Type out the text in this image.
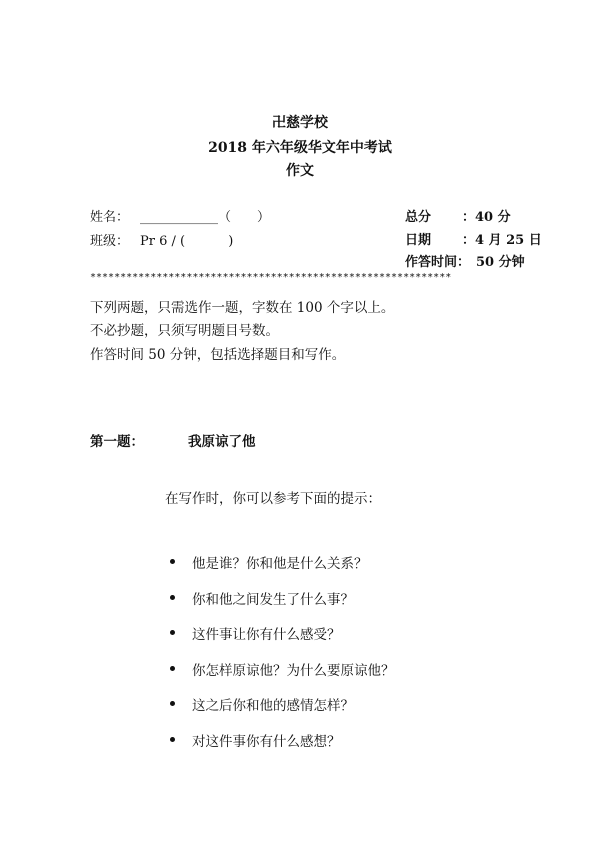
卍慈学校
2018 年六年级华文年中考试
作文
姓名： ____________（　　）
班级： Pr 6 / (　　　 )
总分 ：40 分
日期 ：4 月 25 日
作答时间： 50 分钟
************************************************************
下列两题，只需选作一题，字数在 100 个字以上。
不必抄题，只须写明题目号数。
作答时间 50 分钟，包括选择题目和写作。
第一题：	我原谅了他
在写作时，你可以参考下面的提示：
他是谁？你和他是什么关系？
你和他之间发生了什么事？
这件事让你有什么感受？
你怎样原谅他？为什么要原谅他？
这之后你和他的感情怎样？
对这件事你有什么感想？
